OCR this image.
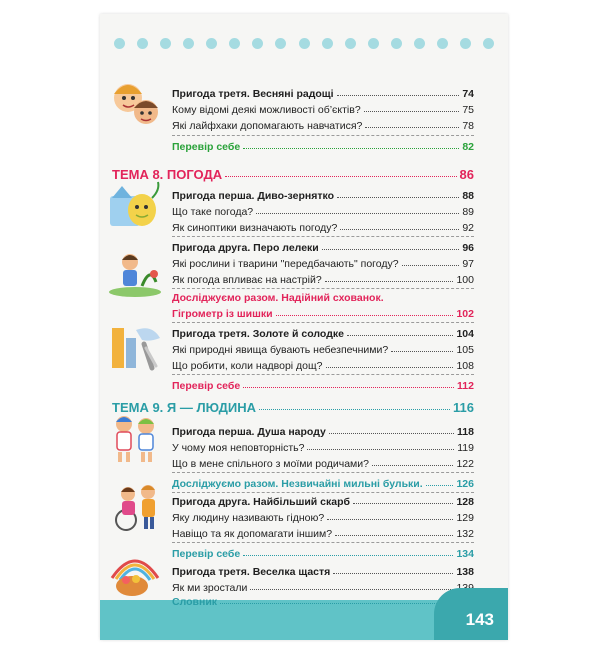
Пригода третя. Весняні радощі	74
Кому відомі деякі можливості об’єктів?	75
Які лайфхаки допомагають навчатися?	78
Перевір себе	82
ТЕМА 8. ПОГОДА	86
Пригода перша. Диво-зернятко	88
Що таке погода?	89
Як синоптики визначають погоду?	92
Пригода друга. Перо лелеки	96
Які рослини і тварини "передбачають" погоду?	97
Як погода впливає на настрій?	100
Досліджуємо разом. Надійний схованок.
Гігрометр із шишки	102
Пригода третя. Золоте й солодке	104
Які природні явища бувають небезпечними?	105
Що робити, коли надворі дощ?	108
Перевір себе	112
ТЕМА 9. Я — ЛЮДИНА	116
Пригода перша. Душа народу	118
У чому моя неповторність?	119
Що в мене спільного з моїми родичами?	122
Досліджуємо разом. Незвичайні мильні бульки.	126
Пригода друга. Найбільший скарб	128
Яку людину називають гідною?	129
Навіщо та як допомагати іншим?	132
Перевір себе	134
Пригода третя. Веселка щастя	138
Як ми зростали
Словник
143
